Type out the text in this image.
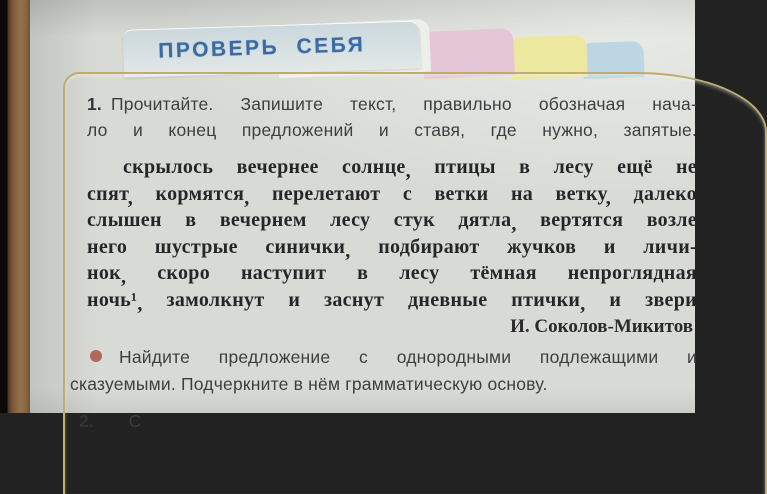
ПРОВЕРЬ СЕБЯ
1. Прочитайте. Запишите текст, правильно обозначая нача-
ло и конец предложений и ставя, где нужно, запятые.
скрылось вечернее солнце, птицы в лесу ещё не
спят, кормятся, перелетают с ветки на ветку, далеко
слышен в вечернем лесу стук дятла, вертятся возле
него шустрые синички, подбирают жучков и личи-
нок, скоро наступит в лесу тёмная непроглядная
ночь¹, замолкнут и заснут дневные птички, и звери
И. Соколов-Микитов
Найдите предложение с однородными подлежащими и
сказуемыми. Подчеркните в нём грамматическую основу.
2. С
